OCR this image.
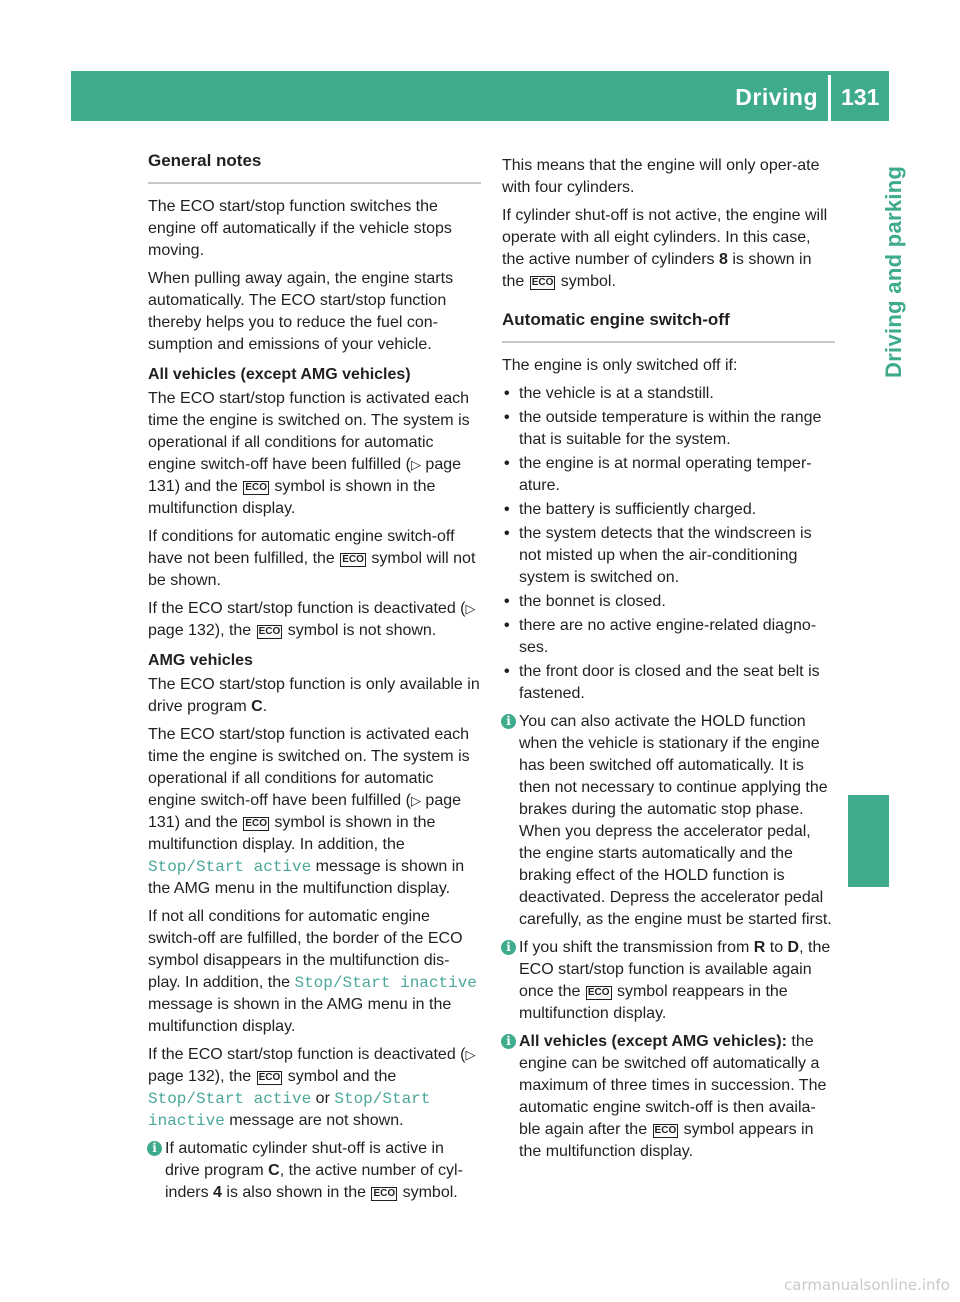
Driving 131
Driving and parking
General notes

The ECO start/stop function switches the engine off automatically if the vehicle stops moving.

When pulling away again, the engine starts automatically. The ECO start/stop function thereby helps you to reduce the fuel con-sumption and emissions of your vehicle.

All vehicles (except AMG vehicles)

The ECO start/stop function is activated each time the engine is switched on. The system is operational if all conditions for automatic engine switch-off have been fulfilled (▷ page 131) and the ECO symbol is shown in the multifunction display.

If conditions for automatic engine switch-off have not been fulfilled, the ECO symbol will not be shown.

If the ECO start/stop function is deactivated (▷ page 132), the ECO symbol is not shown.

AMG vehicles

The ECO start/stop function is only available in drive program C.

The ECO start/stop function is activated each time the engine is switched on. The system is operational if all conditions for automatic engine switch-off have been fulfilled (▷ page 131) and the ECO symbol is shown in the multifunction display. In addition, the Stop/Start active message is shown in the AMG menu in the multifunction display.

If not all conditions for automatic engine switch-off are fulfilled, the border of the ECO symbol disappears in the multifunction dis-play. In addition, the Stop/Start inactive message is shown in the AMG menu in the multifunction display.

If the ECO start/stop function is deactivated (▷ page 132), the ECO symbol and the Stop/Start active or Stop/Start inactive message are not shown.

i If automatic cylinder shut-off is active in drive program C, the active number of cyl-inders 4 is also shown in the ECO symbol.

This means that the engine will only oper-ate with four cylinders.

If cylinder shut-off is not active, the engine will operate with all eight cylinders. In this case, the active number of cylinders 8 is shown in the ECO symbol.

Automatic engine switch-off

The engine is only switched off if:

• the vehicle is at a standstill.
• the outside temperature is within the range that is suitable for the system.
• the engine is at normal operating temper-ature.
• the battery is sufficiently charged.
• the system detects that the windscreen is not misted up when the air-conditioning system is switched on.
• the bonnet is closed.
• there are no active engine-related diagno-ses.
• the front door is closed and the seat belt is fastened.
i You can also activate the HOLD function when the vehicle is stationary if the engine has been switched off automatically. It is then not necessary to continue applying the brakes during the automatic stop phase. When you depress the accelerator pedal, the engine starts automatically and the braking effect of the HOLD function is deactivated. Depress the accelerator pedal carefully, as the engine must be started first.
i If you shift the transmission from R to D, the ECO start/stop function is available again once the ECO symbol reappears in the multifunction display.
i All vehicles (except AMG vehicles): the engine can be switched off automatically a maximum of three times in succession. The automatic engine switch-off is then availa-ble again after the ECO symbol appears in the multifunction display.
carmanualsonline.info
